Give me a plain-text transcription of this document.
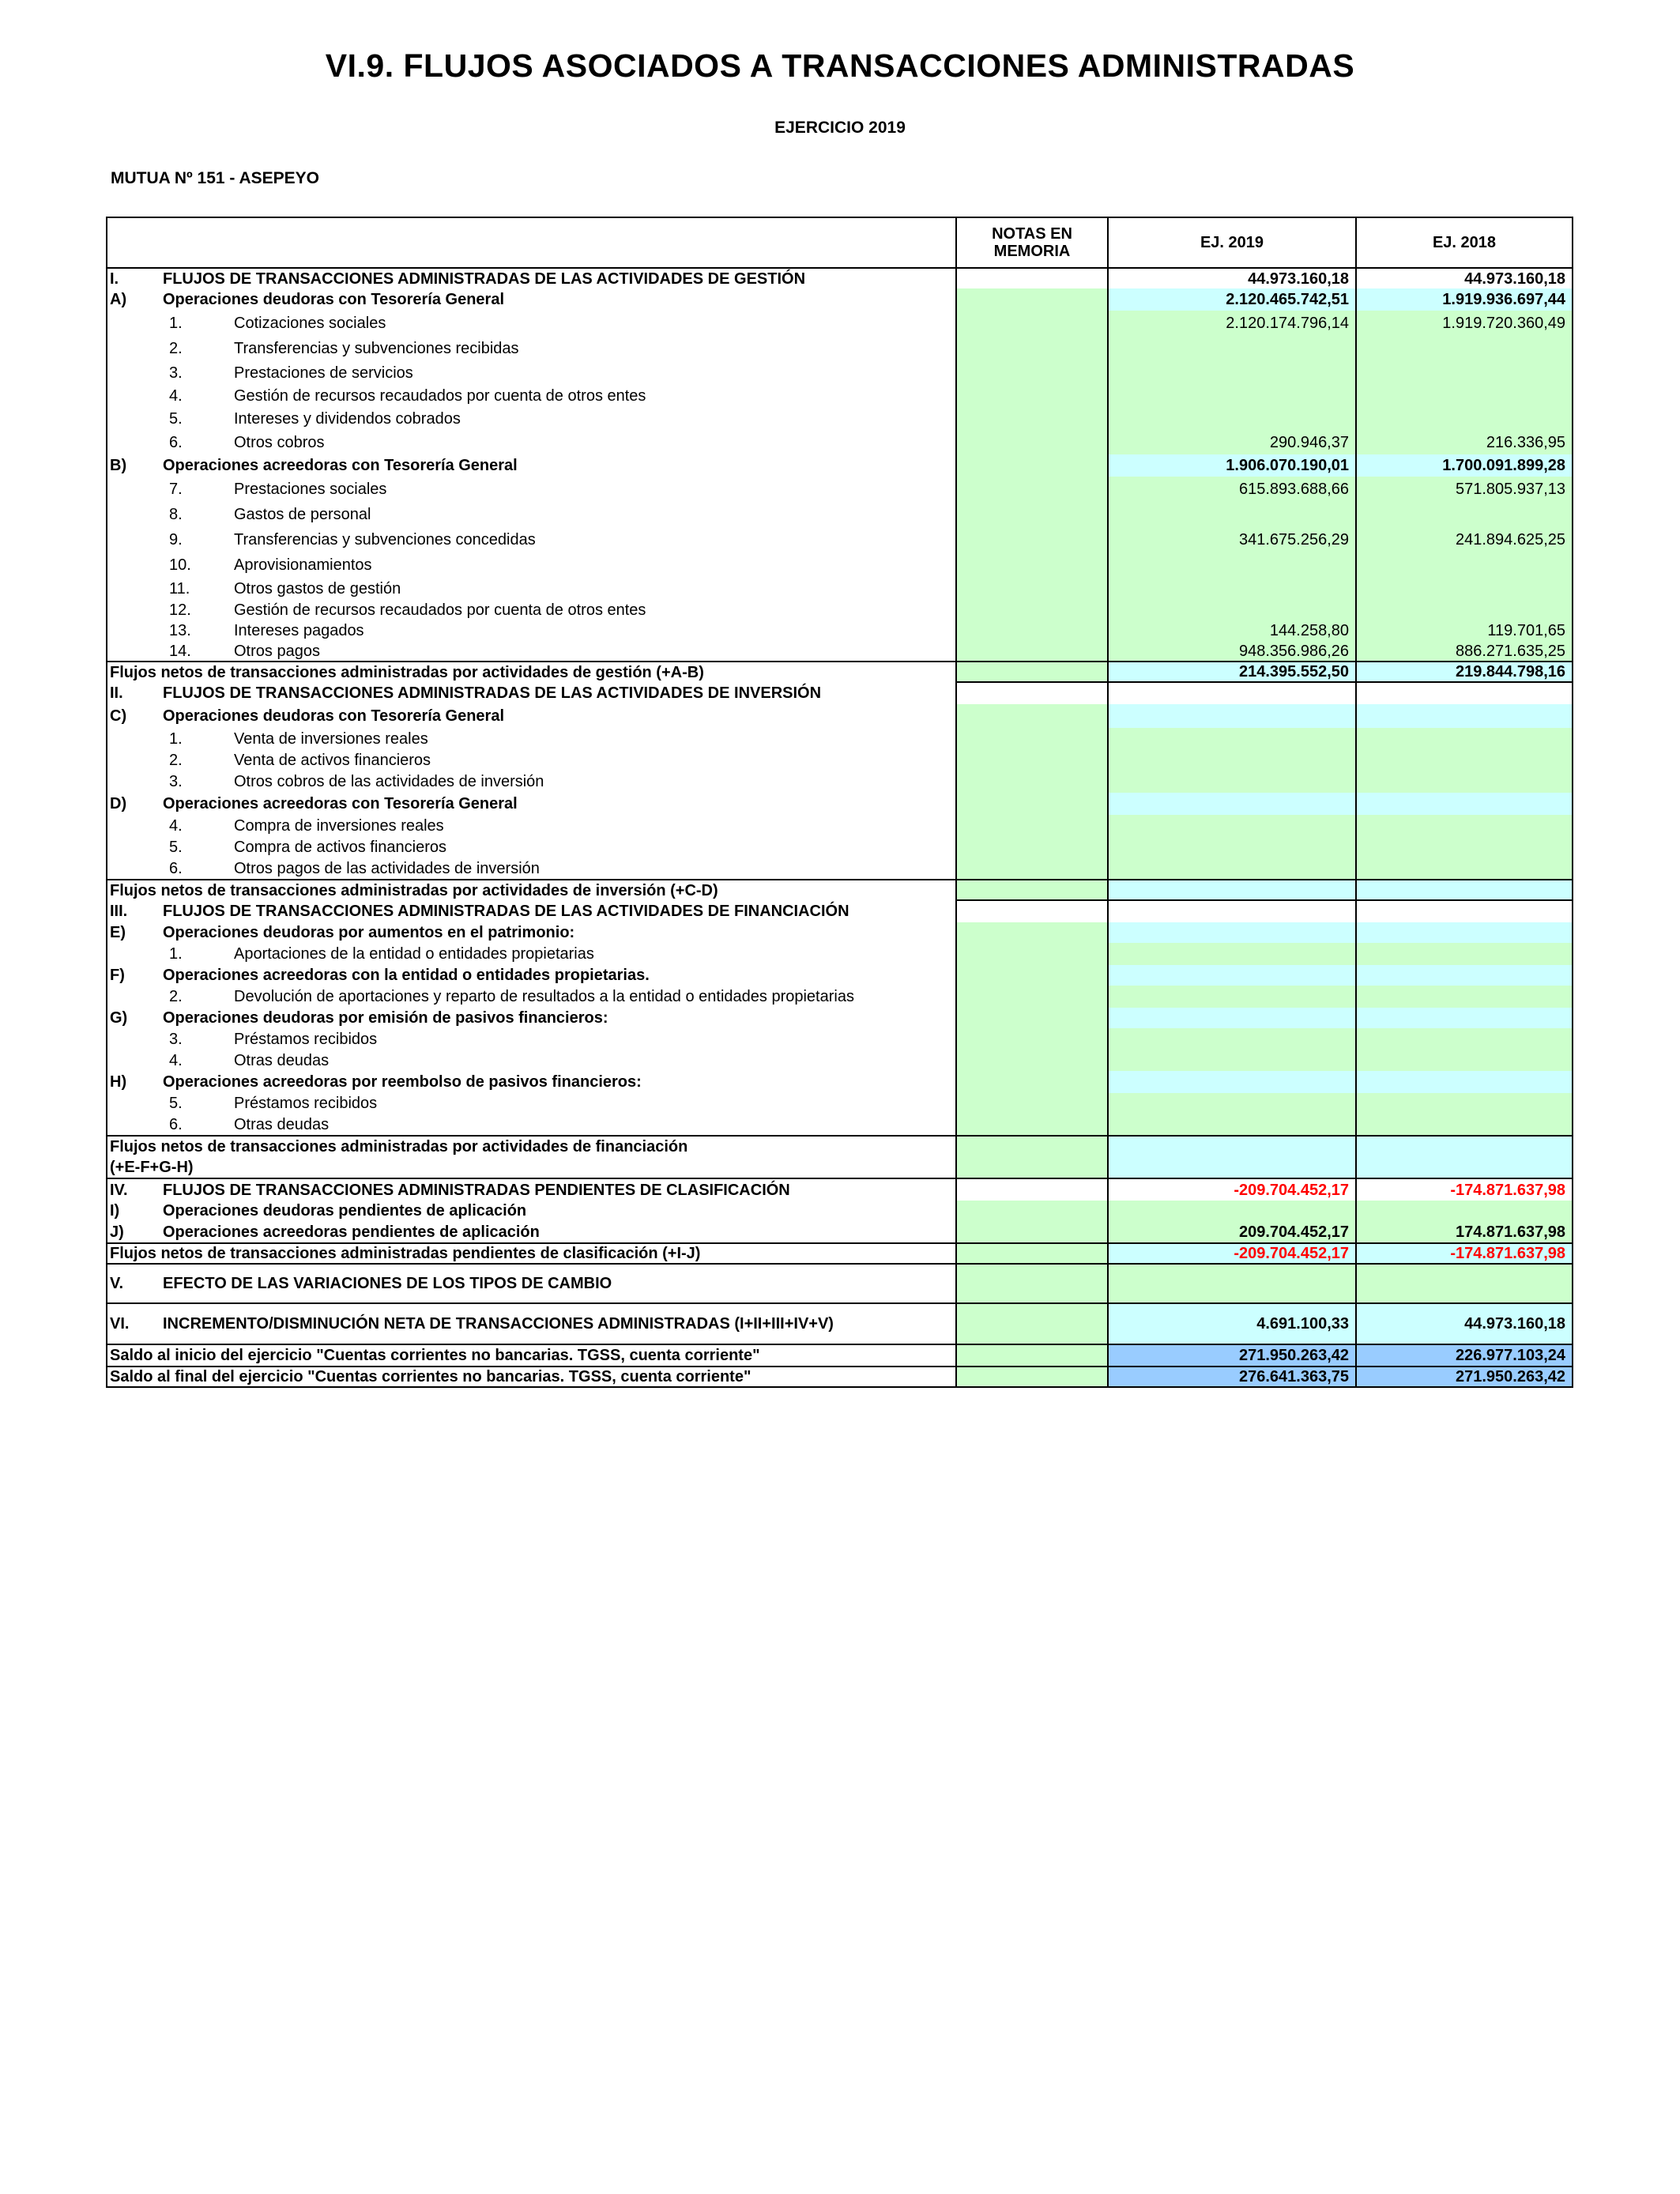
VI.9. FLUJOS ASOCIADOS A TRANSACCIONES ADMINISTRADAS
EJERCICIO 2019
MUTUA Nº 151 - ASEPEYO
	NOTAS EN MEMORIA	EJ. 2019	EJ. 2018
I. FLUJOS DE TRANSACCIONES ADMINISTRADAS DE LAS ACTIVIDADES DE GESTIÓN		44.973.160,18	44.973.160,18
A) Operaciones deudoras con Tesorería General		2.120.465.742,51	1.919.936.697,44
1. Cotizaciones sociales		2.120.174.796,14	1.919.720.360,49
2. Transferencias y subvenciones recibidas			
3. Prestaciones de servicios			
4. Gestión de recursos recaudados por cuenta de otros entes			
5. Intereses y dividendos cobrados			
6. Otros cobros		290.946,37	216.336,95
B) Operaciones acreedoras con Tesorería General		1.906.070.190,01	1.700.091.899,28
7. Prestaciones sociales		615.893.688,66	571.805.937,13
8. Gastos de personal			
9. Transferencias y subvenciones concedidas		341.675.256,29	241.894.625,25
10. Aprovisionamientos			
11. Otros gastos de gestión			
12. Gestión de recursos recaudados por cuenta de otros entes			
13. Intereses pagados		144.258,80	119.701,65
14. Otros pagos		948.356.986,26	886.271.635,25
Flujos netos de transacciones administradas por actividades de gestión (+A-B)		214.395.552,50	219.844.798,16
II. FLUJOS DE TRANSACCIONES ADMINISTRADAS DE LAS ACTIVIDADES DE INVERSIÓN			
C) Operaciones deudoras con Tesorería General			
1. Venta de inversiones reales			
2. Venta de activos financieros			
3. Otros cobros de las actividades de inversión			
D) Operaciones acreedoras con Tesorería General			
4. Compra de inversiones reales			
5. Compra de activos financieros			
6. Otros pagos de las actividades de inversión			
Flujos netos de transacciones administradas por actividades de inversión (+C-D)			
III. FLUJOS DE TRANSACCIONES ADMINISTRADAS DE LAS ACTIVIDADES DE FINANCIACIÓN			
E) Operaciones deudoras por aumentos en el patrimonio:			
1. Aportaciones de la entidad o entidades propietarias			
F) Operaciones acreedoras con la entidad o entidades propietarias.			
2. Devolución de aportaciones y reparto de resultados a la entidad o entidades propietarias			
G) Operaciones deudoras por emisión de pasivos financieros:			
3. Préstamos recibidos			
4. Otras deudas			
H) Operaciones acreedoras por reembolso de pasivos financieros:			
5. Préstamos recibidos			
6. Otras deudas			
Flujos netos de transacciones administradas por actividades de financiación
(+E-F+G-H)			
IV. FLUJOS DE TRANSACCIONES ADMINISTRADAS PENDIENTES DE CLASIFICACIÓN		-209.704.452,17	-174.871.637,98
I) Operaciones deudoras pendientes de aplicación			
J) Operaciones acreedoras pendientes de aplicación		209.704.452,17	174.871.637,98
Flujos netos de transacciones administradas pendientes de clasificación (+I-J)		-209.704.452,17	-174.871.637,98
V. EFECTO DE LAS VARIACIONES DE LOS TIPOS DE CAMBIO			
VI. INCREMENTO/DISMINUCIÓN NETA DE TRANSACCIONES ADMINISTRADAS (I+II+III+IV+V)		4.691.100,33	44.973.160,18
Saldo al inicio del ejercicio "Cuentas corrientes no bancarias. TGSS, cuenta corriente"		271.950.263,42	226.977.103,24
Saldo al final del ejercicio "Cuentas corrientes no bancarias. TGSS, cuenta corriente"		276.641.363,75	271.950.263,42
